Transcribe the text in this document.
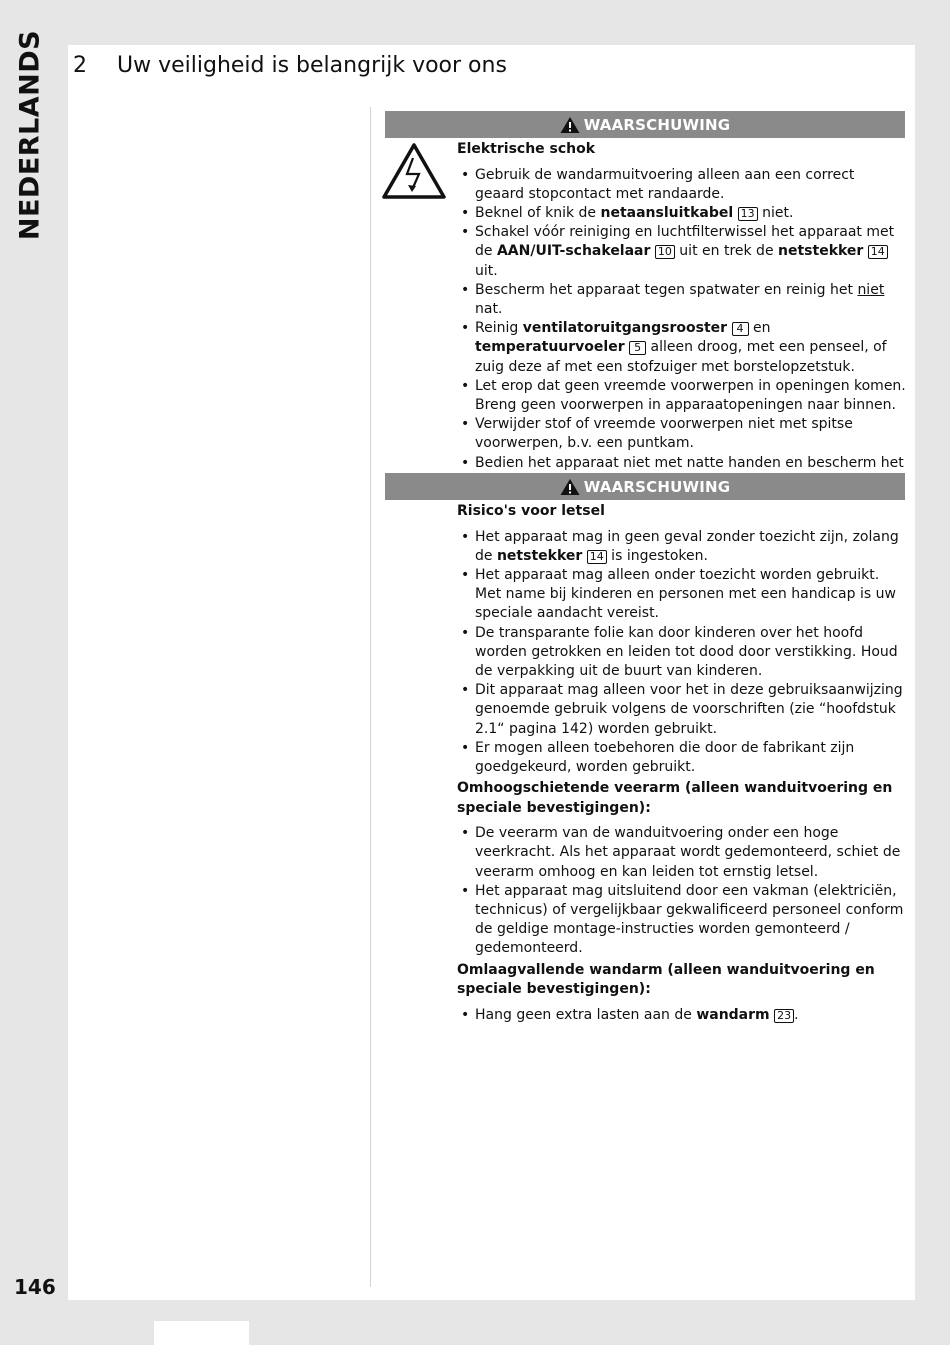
NEDERLANDS
146
2 Uw veiligheid is belangrijk voor ons
WAARSCHUWING
Elektrische schok
• Gebruik de wandarmuitvoering alleen aan een correct geaard stopcontact met randaarde.
• Beknel of knik de netaansluitkabel 13 niet.
• Schakel vóór reiniging en luchtfilterwissel het apparaat met de AAN/UIT-schakelaar 10 uit en trek de netstekker 14 uit.
• Bescherm het apparaat tegen spatwater en reinig het niet nat.
• Reinig ventilatoruitgangsrooster 4 en temperatuurvoeler 5 alleen droog, met een penseel, of zuig deze af met een stofzuiger met borstelopzetstuk.
• Let erop dat geen vreemde voorwerpen in openingen komen. Breng geen voorwerpen in apparaatopeningen naar binnen.
• Verwijder stof of vreemde voorwerpen niet met spitse voorwerpen, b.v. een puntkam.
• Bedien het apparaat niet met natte handen en bescherm het
WAARSCHUWING
Risico's voor letsel
• Het apparaat mag in geen geval zonder toezicht zijn, zolang de netstekker 14 is ingestoken.
• Het apparaat mag alleen onder toezicht worden gebruikt. Met name bij kinderen en personen met een handicap is uw speciale aandacht vereist.
• De transparante folie kan door kinderen over het hoofd worden getrokken en leiden tot dood door verstikking. Houd de verpakking uit de buurt van kinderen.
• Dit apparaat mag alleen voor het in deze gebruiksaanwijzing genoemde gebruik volgens de voorschriften (zie “hoofdstuk 2.1“ pagina 142) worden gebruikt.
• Er mogen alleen toebehoren die door de fabrikant zijn goedgekeurd, worden gebruikt.
Omhoogschietende veerarm (alleen wanduitvoering en speciale bevestigingen):
• De veerarm van de wanduitvoering onder een hoge veerkracht. Als het apparaat wordt gedemonteerd, schiet de veerarm omhoog en kan leiden tot ernstig letsel.
• Het apparaat mag uitsluitend door een vakman (elektriciën, technicus) of vergelijkbaar gekwalificeerd personeel conform de geldige montage-instructies worden gemonteerd / gedemonteerd.
Omlaagvallende wandarm (alleen wanduitvoering en speciale bevestigingen):
• Hang geen extra lasten aan de wandarm 23 .
